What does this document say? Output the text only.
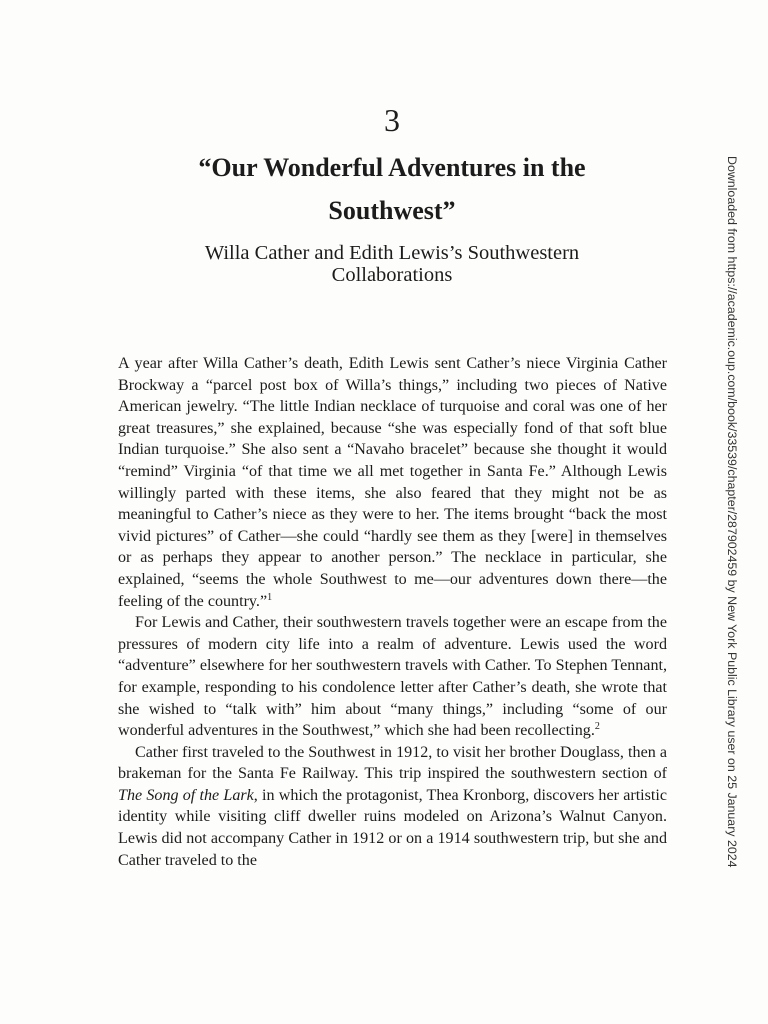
3
“Our Wonderful Adventures in the Southwest”
Willa Cather and Edith Lewis’s Southwestern Collaborations

A year after Willa Cather’s death, Edith Lewis sent Cather’s niece Virginia Cather Brockway a “parcel post box of Willa’s things,” including two pieces of Native American jewelry. “The little Indian necklace of turquoise and coral was one of her great treasures,” she explained, because “she was especially fond of that soft blue Indian turquoise.” She also sent a “Navaho bracelet” because she thought it would “remind” Virginia “of that time we all met together in Santa Fe.” Although Lewis willingly parted with these items, she also feared that they might not be as meaningful to Cather’s niece as they were to her. The items brought “back the most vivid pictures” of Cather—she could “hardly see them as they [were] in themselves or as perhaps they appear to another person.” The necklace in particular, she explained, “seems the whole Southwest to me—our adventures down there—the feeling of the country.”$^1$

For Lewis and Cather, their southwestern travels together were an escape from the pressures of modern city life into a realm of adventure. Lewis used the word “adventure” elsewhere for her southwestern travels with Cather. To Stephen Tennant, for example, responding to his condolence letter after Cather’s death, she wrote that she wished to “talk with” him about “many things,” including “some of our wonderful adventures in the Southwest,” which she had been recollecting.$^2$

Cather first traveled to the Southwest in 1912, to visit her brother Douglass, then a brakeman for the Santa Fe Railway. This trip inspired the southwestern section of The Song of the Lark, in which the protagonist, Thea Kronborg, discovers her artistic identity while visiting cliff dweller ruins modeled on Arizona’s Walnut Canyon. Lewis did not accompany Cather in 1912 or on a 1914 southwestern trip, but she and Cather traveled to the	Downloaded from https://academic.oup.com/book/33539/chapter/287902459 by New York Public Library user on 25 January 2024
